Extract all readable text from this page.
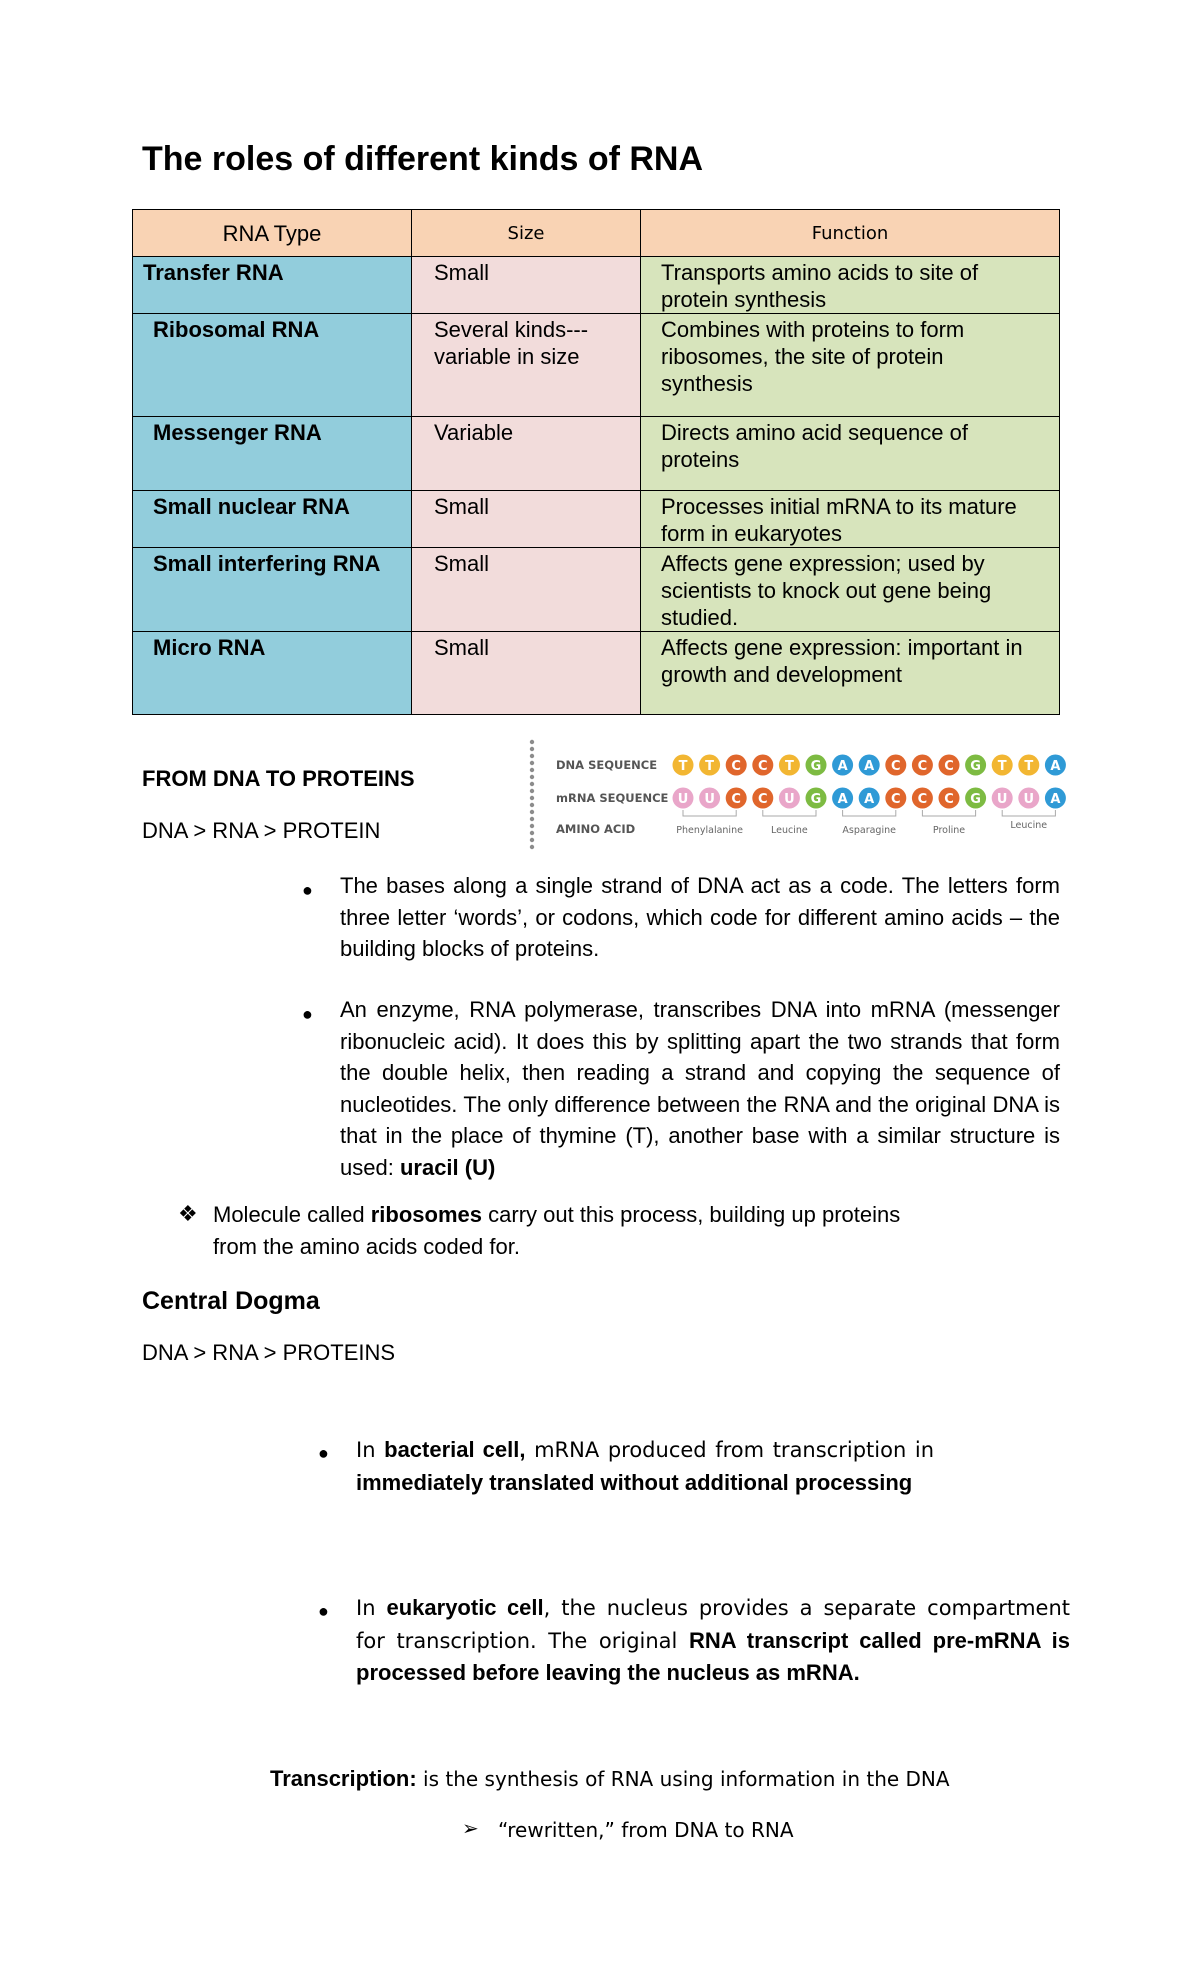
The roles of different kinds of RNA
RNA Type	Size	Function
Transfer RNA	Small	Transports amino acids to site of protein synthesis
Ribosomal RNA	Several kinds--- variable in size	Combines with proteins to form ribosomes, the site of protein synthesis
Messenger RNA	Variable	Directs amino acid sequence of proteins
Small nuclear RNA	Small	Processes initial mRNA to its mature form in eukaryotes
Small interfering RNA	Small	Affects gene expression; used by scientists to knock out gene being studied.
Micro RNA	Small	Affects gene expression: important in growth and development
FROM DNA TO PROTEINS
DNA > RNA > PROTEIN
DNA SEQUENCE
mRNA SEQUENCE
AMINO ACID
T T C C T G A A C C C G T T A
U U C C U G A A C C C G U U A
Phenylalanine	Leucine	Asparagine	Proline	Leucine
● The bases along a single strand of DNA act as a code. The letters form three letter ‘words’, or codons, which code for different amino acids – the building blocks of proteins.
● An enzyme, RNA polymerase, transcribes DNA into mRNA (messenger ribonucleic acid). It does this by splitting apart the two strands that form the double helix, then reading a strand and copying the sequence of nucleotides. The only difference between the RNA and the original DNA is that in the place of thymine (T), another base with a similar structure is used: uracil (U)
❖ Molecule called ribosomes carry out this process, building up proteins from the amino acids coded for.
Central Dogma
DNA > RNA > PROTEINS
● In bacterial cell, mRNA produced from transcription in immediately translated without additional processing
● In eukaryotic cell, the nucleus provides a separate compartment for transcription. The original RNA transcript called pre-mRNA is processed before leaving the nucleus as mRNA.
Transcription: is the synthesis of RNA using information in the DNA
➢ “rewritten,” from DNA to RNA
